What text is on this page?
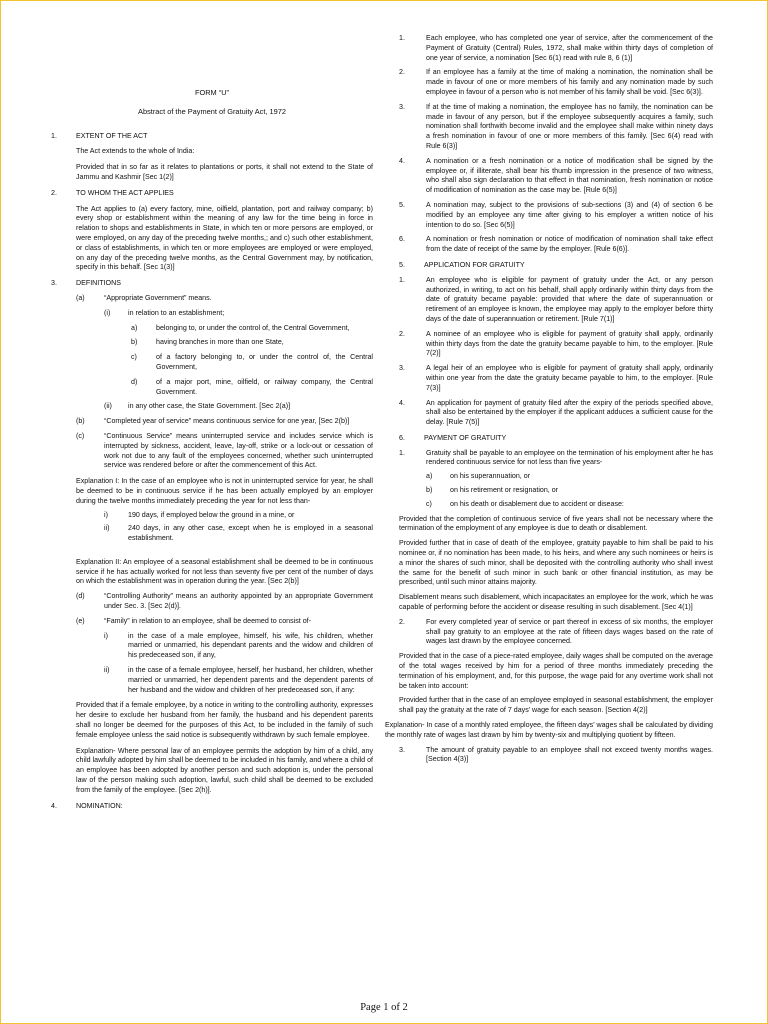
FORM “U”

Abstract of the Payment of Gratuity Act, 1972

1.	EXTENT OF THE ACT

The Act extends to the whole of India:

Provided that in so far as it relates to plantations or ports, it shall not extend to the State of Jammu and Kashmir [Sec 1(2)]

2.	TO WHOM THE ACT APPLIES

The Act applies to (a) every factory, mine, oilfield, plantation, port and railway company; b) every shop or establishment within the meaning of any law for the time being in force in relation to shops and establishments in State, in which ten or more persons are employed, or were employed, on any day of the preceding twelve months,; and c) such other establishment, or class of establishments, in which ten or more employees are employed or were employed, on any day of the preceding twelve months, as the Central Government may, by notification, specify in this behalf. [Sec 1(3)]

3.	DEFINITIONS
(a)	“Appropriate Government” means.
(i)	in relation to an establishment;
a)	belonging to, or under the control of, the Central Government,
b)	having branches in more than one State,
c)	of a factory belonging to, or under the control of, the Central Government,
d)	of a major port, mine, oilfield, or railway company, the Central Government.
(ii)	in any other case, the State Government. [Sec 2(a)]
(b)	“Completed year of service” means continuous service for one year, [Sec 2(b)]
(c)	“Continuous Service” means uninterrupted service and includes service which is interrupted by sickness, accident, leave, lay-off, strike or a lock-out or cessation of work not due to any fault of the employees concerned, whether such uninterrupted service was rendered before or after the commencement of this Act.

Explanation I: In the case of an employee who is not in uninterrupted service for year, he shall be deemed to be in continuous service if he has been actually employed by an employer during the twelve months immediately preceding the year for not less than-

i)	190 days, if employed below the ground in a mine, or
ii)	240 days, in any other case, except when he is employed in a seasonal establishment.

Explanation II: An employee of a seasonal establishment shall be deemed to be in continuous service if he has actually worked for not less than seventy five per cent of the number of days on which the establishment was in operation during the year. [Sec 2(b)]

(d)	“Controlling Authority” means an authority appointed by an appropriate Government under Sec. 3. [Sec 2(d)].
(e)	“Family” in relation to an employee, shall be deemed to consist of-
i)	in the case of a male employee, himself, his wife, his children, whether married or unmarried, his dependant parents and the widow and children of his predeceased son, if any,
ii)	in the case of a female employee, herself, her husband, her children, whether married or unmarried, her dependent parents and the dependent parents of her husband and the widow and children of her predeceased son, if any:

Provided that if a female employee, by a notice in writing to the controlling authority, expresses her desire to exclude her husband from her family, the husband and his dependent parents shall no longer be deemed for the purposes of this Act, to be included in the family of such female employee unless the said notice is subsequently withdrawn by such female employee.

Explanation- Where personal law of an employee permits the adoption by him of a child, any child lawfully adopted by him shall be deemed to be included in his family, and where a child of an employee has been adopted by another person and such adoption is, under the personal law of the person making such adoption, lawful, such child shall be deemed to be excluded from the family of the employee. [Sec 2(h)].

4.	NOMINATION:
1.	Each employee, who has completed one year of service, after the commencement of the Payment of Gratuity (Central) Rules, 1972, shall make within thirty days of completion of one year of service, a nomination [Sec 6(1) read with rule 8, 6 (1)]
2.	If an employee has a family at the time of making a nomination, the nomination shall be made in favour of one or more members of his family and any nomination made by such employee in favour of a person who is not member of his family shall be void. [Sec 6(3)].
3.	If at the time of making a nomination, the employee has no family, the nomination can be made in favour of any person, but if the employee subsequently acquires a family, such nomination shall forthwith become invalid and the employee shall make within ninety days a fresh nomination in favour of one or more members of this family. [Sec 6(4) read with Rule 6(3)]
4.	A nomination or a fresh nomination or a notice of modification shall be signed by the employee or, if illiterate, shall bear his thumb impression in the presence of two witness, who shall also sign declaration to that effect in that nomination, fresh nomination or notice of modification of nomination as the case may be. [Rule 6(5)]
5.	A nomination may, subject to the provisions of sub-sections (3) and (4) of section 6 be modified by an employee any time after giving to his employer a written notice of his intention to do so. [Sec 6(5)]
6.	A nomination or fresh nomination or notice of modification of nomination shall take effect from the date of receipt of the same by the employer. [Rule 6(6)].
5.	APPLICATION FOR GRATUITY
1.	An employee who is eligible for payment of gratuity under the Act, or any person authorized, in writing, to act on his behalf, shall apply ordinarily within thirty days from the date of gratuity became payable: provided that where the date of superannuation or retirement of an employee is known, the employee may apply to the employer before thirty days of the date of superannuation or retirement. [Rule 7(1)]
2.	A nominee of an employee who is eligible for payment of gratuity shall apply, ordinarily within thirty days from the date the gratuity became payable to him, to the employer. [Rule 7(2)]
3.	A legal heir of an employee who is eligible for payment of gratuity shall apply, ordinarily within one year from the date the gratuity became payable to him, to the employer. [Rule 7(3)]
4.	An application for payment of gratuity filed after the expiry of the periods specified above, shall also be entertained by the employer if the applicant adduces a sufficient cause for the delay. [Rule 7(5)]
6.	PAYMENT OF GRATUITY
1.	Gratuity shall be payable to an employee on the termination of his employment after he has rendered continuous service for not less than five years-
a)	on his superannuation, or
b)	on his retirement or resignation, or
c)	on his death or disablement due to accident or disease:

Provided that the completion of continuous service of five years shall not be necessary where the termination of the employment of any employee is due to death or disablement.

Provided further that in case of death of the employee, gratuity payable to him shall be paid to his nominee or, if no nomination has been made, to his heirs, and where any such nominees or heirs is a minor the shares of such minor, shall be deposited with the controlling authority who shall invest the same for the benefit of such minor in such bank or other financial institution, as may be prescribed, until such minor attains majority.

Disablement means such disablement, which incapacitates an employee for the work, which he was capable of performing before the accident or disease resulting in such disablement. [Sec 4(1)]

2.	For every completed year of service or part thereof in excess of six months, the employer shall pay gratuity to an employee at the rate of fifteen days wages based on the rate of wages last drawn by the employee concerned.

Provided that in the case of a piece-rated employee, daily wages shall be computed on the average of the total wages received by him for a period of three months immediately preceding the termination of his employment, and, for this purpose, the wage paid for any overtime work shall not be taken into account:

Provided further that in the case of an employee employed in seasonal establishment, the employer shall pay the gratuity at the rate of 7 days’ wage for each season. [Section 4(2)]

Explanation- In case of a monthly rated employee, the fifteen days’ wages shall be calculated by dividing the monthly rate of wages last drawn by him by twenty-six and multiplying quotient by fifteen.

3.	The amount of gratuity payable to an employee shall not exceed twenty months wages. [Section 4(3)]
Page 1 of 2
